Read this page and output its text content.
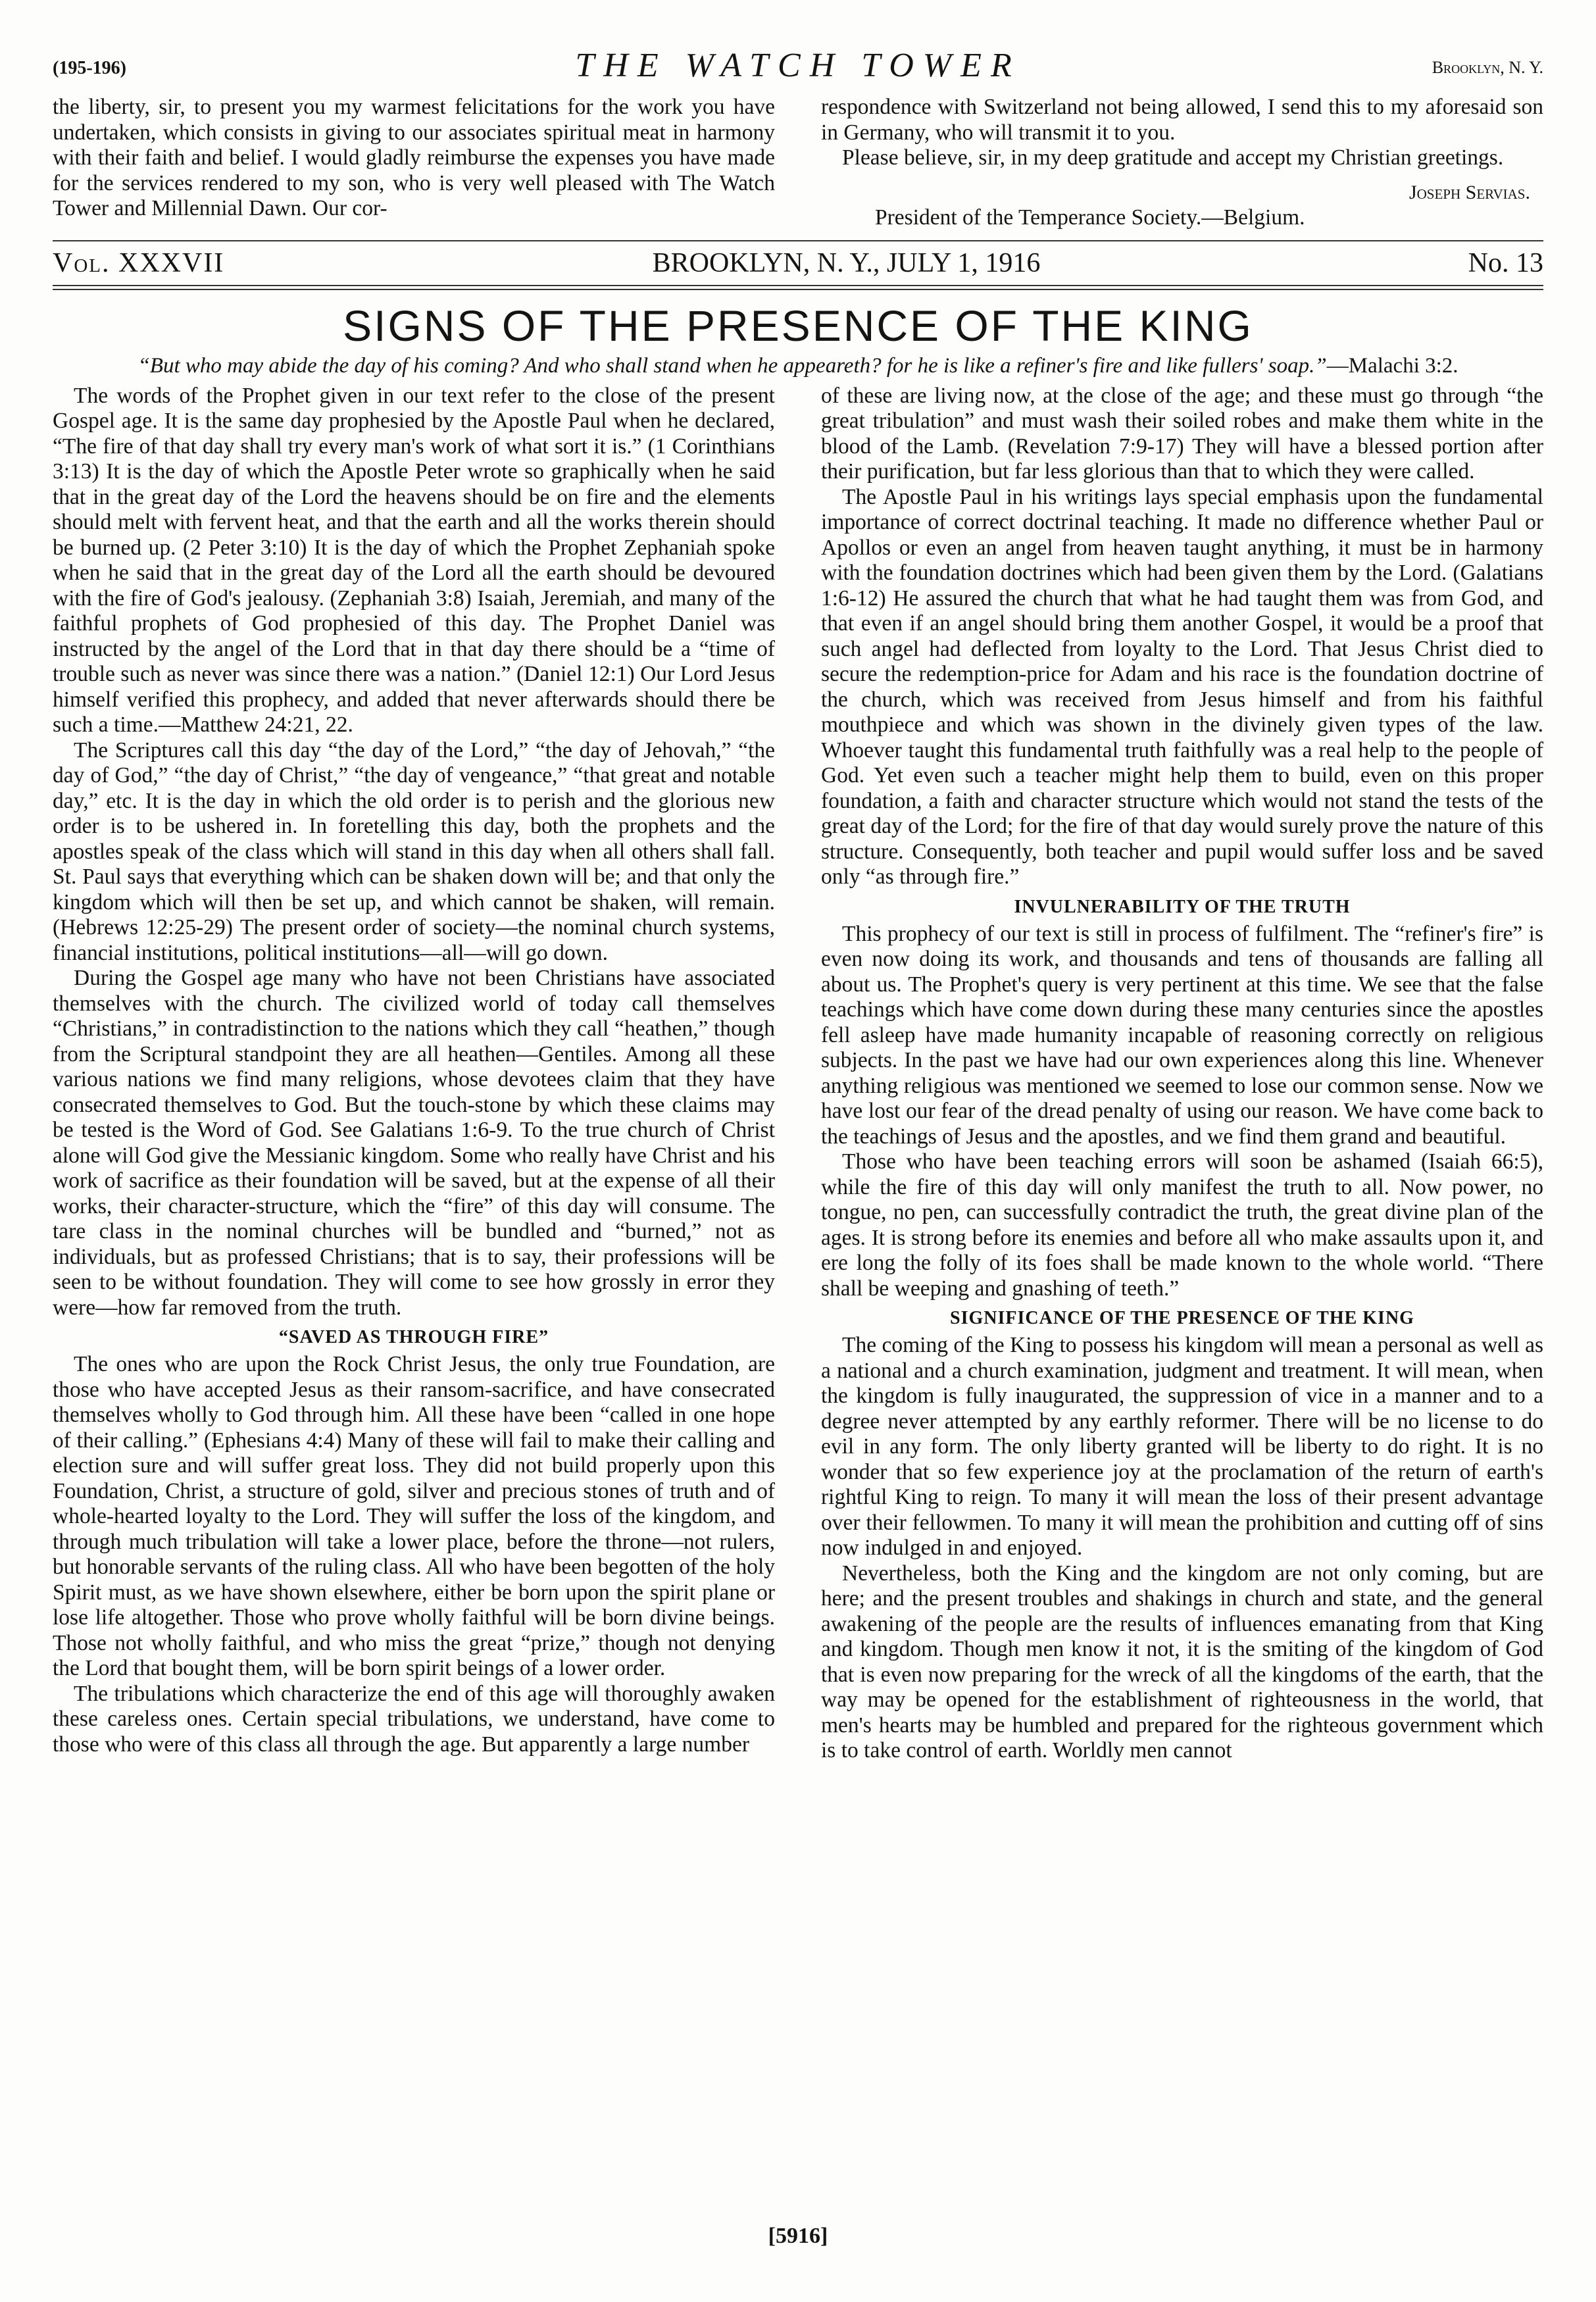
(195-196)	THE WATCH TOWER	Brooklyn, N. Y.

the liberty, sir, to present you my warmest felicitations for the work you have undertaken, which consists in giving to our associates spiritual meat in harmony with their faith and belief. I would gladly reimburse the expenses you have made for the services rendered to my son, who is very well pleased with The Watch Tower and Millennial Dawn. Our cor-

respondence with Switzerland not being allowed, I send this to my aforesaid son in Germany, who will transmit it to you.

Please believe, sir, in my deep gratitude and accept my Christian greetings.

Joseph Servias.

President of the Temperance Society.—Belgium.

Vol. XXXVII	BROOKLYN, N. Y., JULY 1, 1916	No. 13
SIGNS OF THE PRESENCE OF THE KING
“But who may abide the day of his coming? And who shall stand when he appeareth? for he is like a refiner's fire and like fullers' soap.”—Malachi 3:2.

The words of the Prophet given in our text refer to the close of the present Gospel age. It is the same day prophesied by the Apostle Paul when he declared, “The fire of that day shall try every man's work of what sort it is.” (1 Corinthians 3:13) It is the day of which the Apostle Peter wrote so graphically when he said that in the great day of the Lord the heavens should be on fire and the elements should melt with fervent heat, and that the earth and all the works therein should be burned up. (2 Peter 3:10) It is the day of which the Prophet Zephaniah spoke when he said that in the great day of the Lord all the earth should be devoured with the fire of God's jealousy. (Zephaniah 3:8) Isaiah, Jeremiah, and many of the faithful prophets of God prophesied of this day. The Prophet Daniel was instructed by the angel of the Lord that in that day there should be a “time of trouble such as never was since there was a nation.” (Daniel 12:1) Our Lord Jesus himself verified this prophecy, and added that never afterwards should there be such a time.—Matthew 24:21, 22.

The Scriptures call this day “the day of the Lord,” “the day of Jehovah,” “the day of God,” “the day of Christ,” “the day of vengeance,” “that great and notable day,” etc. It is the day in which the old order is to perish and the glorious new order is to be ushered in. In foretelling this day, both the prophets and the apostles speak of the class which will stand in this day when all others shall fall. St. Paul says that everything which can be shaken down will be; and that only the kingdom which will then be set up, and which cannot be shaken, will remain. (Hebrews 12:25-29) The present order of society—the nominal church systems, financial institutions, political institutions—all—will go down.

During the Gospel age many who have not been Christians have associated themselves with the church. The civilized world of today call themselves “Christians,” in contradistinction to the nations which they call “heathen,” though from the Scriptural standpoint they are all heathen—Gentiles. Among all these various nations we find many religions, whose devotees claim that they have consecrated themselves to God. But the touch-stone by which these claims may be tested is the Word of God. See Galatians 1:6-9. To the true church of Christ alone will God give the Messianic kingdom. Some who really have Christ and his work of sacrifice as their foundation will be saved, but at the expense of all their works, their character-structure, which the “fire” of this day will consume. The tare class in the nominal churches will be bundled and “burned,” not as individuals, but as professed Christians; that is to say, their professions will be seen to be without foundation. They will come to see how grossly in error they were—how far removed from the truth.

“SAVED AS THROUGH FIRE”

The ones who are upon the Rock Christ Jesus, the only true Foundation, are those who have accepted Jesus as their ransom-sacrifice, and have consecrated themselves wholly to God through him. All these have been “called in one hope of their calling.” (Ephesians 4:4) Many of these will fail to make their calling and election sure and will suffer great loss. They did not build properly upon this Foundation, Christ, a structure of gold, silver and precious stones of truth and of whole-hearted loyalty to the Lord. They will suffer the loss of the kingdom, and through much tribulation will take a lower place, before the throne—not rulers, but honorable servants of the ruling class. All who have been begotten of the holy Spirit must, as we have shown elsewhere, either be born upon the spirit plane or lose life altogether. Those who prove wholly faithful will be born divine beings. Those not wholly faithful, and who miss the great “prize,” though not denying the Lord that bought them, will be born spirit beings of a lower order.

The tribulations which characterize the end of this age will thoroughly awaken these careless ones. Certain special tribulations, we understand, have come to those who were of this class all through the age. But apparently a large number

of these are living now, at the close of the age; and these must go through “the great tribulation” and must wash their soiled robes and make them white in the blood of the Lamb. (Revelation 7:9-17) They will have a blessed portion after their purification, but far less glorious than that to which they were called.

The Apostle Paul in his writings lays special emphasis upon the fundamental importance of correct doctrinal teaching. It made no difference whether Paul or Apollos or even an angel from heaven taught anything, it must be in harmony with the foundation doctrines which had been given them by the Lord. (Galatians 1:6-12) He assured the church that what he had taught them was from God, and that even if an angel should bring them another Gospel, it would be a proof that such angel had deflected from loyalty to the Lord. That Jesus Christ died to secure the redemption-price for Adam and his race is the foundation doctrine of the church, which was received from Jesus himself and from his faithful mouthpiece and which was shown in the divinely given types of the law. Whoever taught this fundamental truth faithfully was a real help to the people of God. Yet even such a teacher might help them to build, even on this proper foundation, a faith and character structure which would not stand the tests of the great day of the Lord; for the fire of that day would surely prove the nature of this structure. Consequently, both teacher and pupil would suffer loss and be saved only “as through fire.”

INVULNERABILITY OF THE TRUTH

This prophecy of our text is still in process of fulfilment. The “refiner's fire” is even now doing its work, and thousands and tens of thousands are falling all about us. The Prophet's query is very pertinent at this time. We see that the false teachings which have come down during these many centuries since the apostles fell asleep have made humanity incapable of reasoning correctly on religious subjects. In the past we have had our own experiences along this line. Whenever anything religious was mentioned we seemed to lose our common sense. Now we have lost our fear of the dread penalty of using our reason. We have come back to the teachings of Jesus and the apostles, and we find them grand and beautiful.

Those who have been teaching errors will soon be ashamed (Isaiah 66:5), while the fire of this day will only manifest the truth to all. Now power, no tongue, no pen, can successfully contradict the truth, the great divine plan of the ages. It is strong before its enemies and before all who make assaults upon it, and ere long the folly of its foes shall be made known to the whole world. “There shall be weeping and gnashing of teeth.”

SIGNIFICANCE OF THE PRESENCE OF THE KING

The coming of the King to possess his kingdom will mean a personal as well as a national and a church examination, judgment and treatment. It will mean, when the kingdom is fully inaugurated, the suppression of vice in a manner and to a degree never attempted by any earthly reformer. There will be no license to do evil in any form. The only liberty granted will be liberty to do right. It is no wonder that so few experience joy at the proclamation of the return of earth's rightful King to reign. To many it will mean the loss of their present advantage over their fellowmen. To many it will mean the prohibition and cutting off of sins now indulged in and enjoyed.

Nevertheless, both the King and the kingdom are not only coming, but are here; and the present troubles and shakings in church and state, and the general awakening of the people are the results of influences emanating from that King and kingdom. Though men know it not, it is the smiting of the kingdom of God that is even now preparing for the wreck of all the kingdoms of the earth, that the way may be opened for the establishment of righteousness in the world, that men's hearts may be humbled and prepared for the righteous government which is to take control of earth. Worldly men cannot

[5916]
